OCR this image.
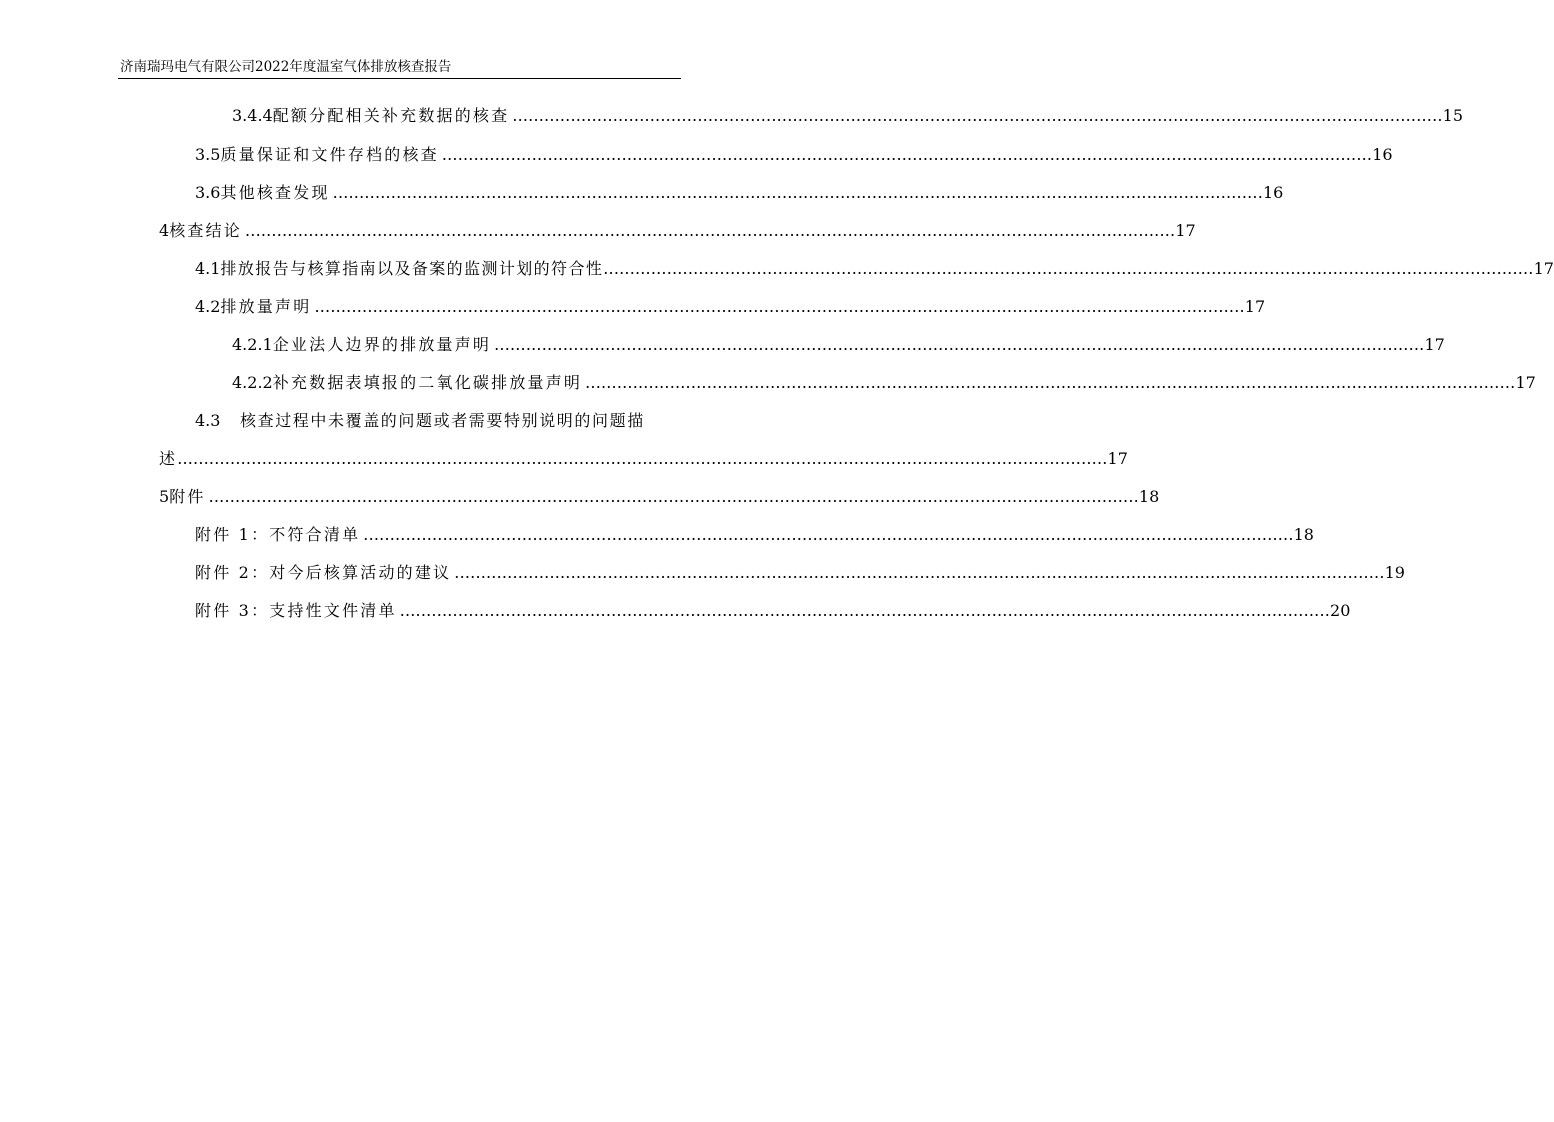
济南瑞玛电气有限公司2022年度温室气体排放核查报告
3.4.4 配额分配相关补充数据的核查 ................................................................................................................................................................................ 15
3.5 质量保证和文件存档的核查 ................................................................................................................................................................................ 16
3.6 其他核查发现 ................................................................................................................................................................................ 16
4 核查结论 ................................................................................................................................................................................ 17
4.1 排放报告与核算指南以及备案的监测计划的符合性 ................................................................................................................................................................................ 17
4.2 排放量声明 ................................................................................................................................................................................ 17
4.2.1 企业法人边界的排放量声明 ................................................................................................................................................................................ 17
4.2.2 补充数据表填报的二氧化碳排放量声明 ................................................................................................................................................................................ 17
4.3	核查过程中未覆盖的问题或者需要特别说明的问题描
述 ................................................................................................................................................................................ 17
5 附件 ................................................................................................................................................................................ 18
附件 1： 不符合清单 ................................................................................................................................................................................ 18
附件 2： 对今后核算活动的建议 ................................................................................................................................................................................ 19
附件 3： 支持性文件清单 ................................................................................................................................................................................ 20
